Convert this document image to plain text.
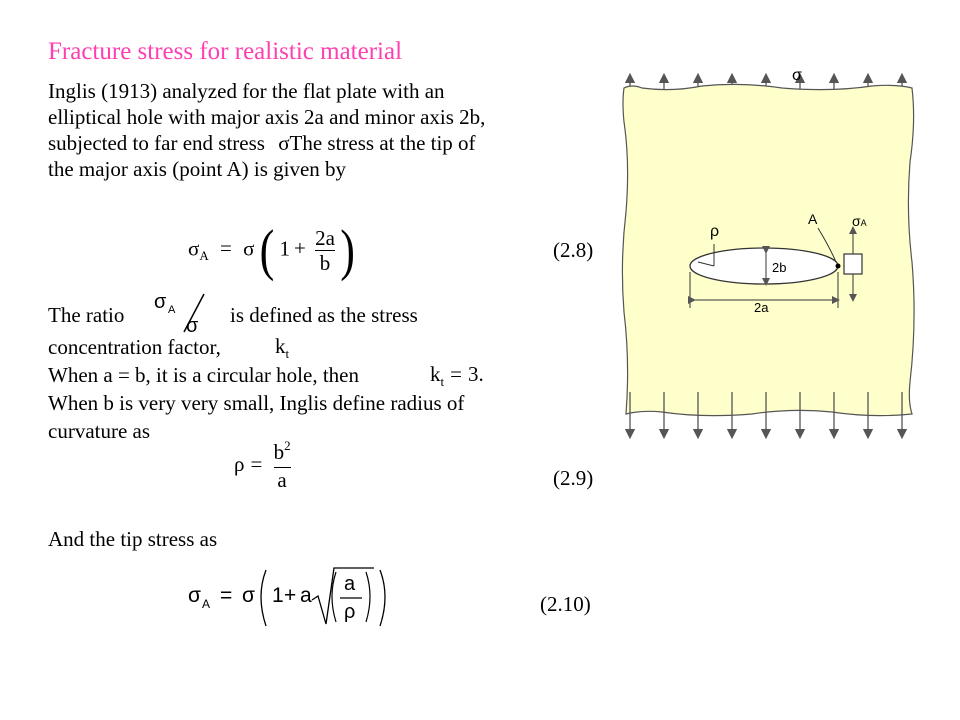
Fracture stress for realistic material
Inglis (1913) analyzed for the flat plate with an
elliptical hole with major axis 2a and minor axis 2b,
subjected to far end stress σThe stress at the tip of
the major axis (point A) is given by
$\sigma_A = \sigma$ ( $1 + \frac{2a}{b}$ )	(2.8)
The ratio
σ A
σ is defined as the stress
concentration factor,	$k_t$
When a = b, it is a circular hole, then	$k_t = 3$.
When b is very very small, Inglis define radius of
curvature as
$\rho = \frac{b^2}{a}$	(2.9)
And the tip stress as
σ A = σ 1 + a a
ρ	(2.10)
σ
ρ
2b
2a
A σA
